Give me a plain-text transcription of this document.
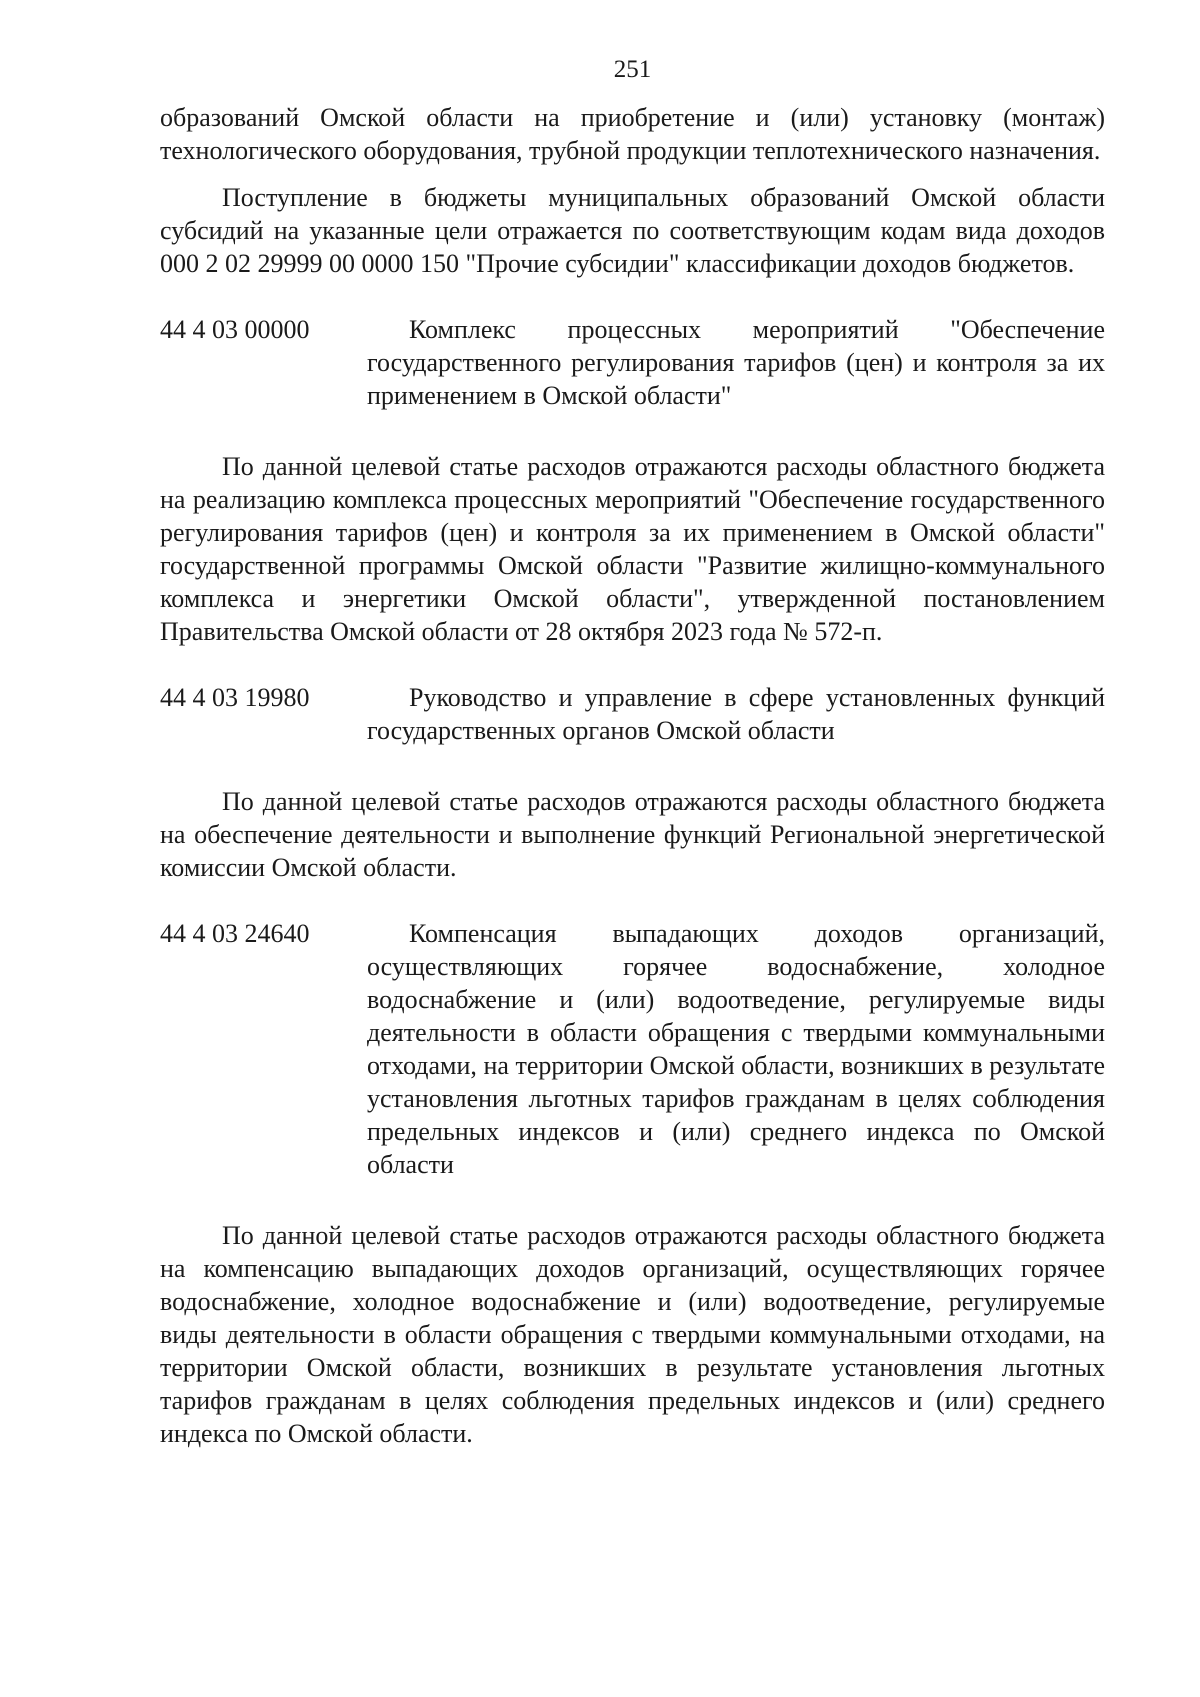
251

образований Омской области на приобретение и (или) установку (монтаж) технологического оборудования, трубной продукции теплотехнического назначения.

Поступление в бюджеты муниципальных образований Омской области субсидий на указанные цели отражается по соответствующим кодам вида доходов 000 2 02 29999 00 0000 150 "Прочие субсидии" классификации доходов бюджетов.

44 4 03 00000	Комплекс процессных мероприятий "Обеспечение государственного регулирования тарифов (цен) и контроля за их применением в Омской области"

По данной целевой статье расходов отражаются расходы областного бюджета на реализацию комплекса процессных мероприятий "Обеспечение государственного регулирования тарифов (цен) и контроля за их применением в Омской области" государственной программы Омской области "Развитие жилищно-коммунального комплекса и энергетики Омской области", утвержденной постановлением Правительства Омской области от 28 октября 2023 года № 572-п.

44 4 03 19980	Руководство и управление в сфере установленных функций государственных органов Омской области

По данной целевой статье расходов отражаются расходы областного бюджета на обеспечение деятельности и выполнение функций Региональной энергетической комиссии Омской области.

44 4 03 24640	Компенсация выпадающих доходов организаций, осуществляющих горячее водоснабжение, холодное водоснабжение и (или) водоотведение, регулируемые виды деятельности в области обращения с твердыми коммунальными отходами, на территории Омской области, возникших в результате установления льготных тарифов гражданам в целях соблюдения предельных индексов и (или) среднего индекса по Омской области

По данной целевой статье расходов отражаются расходы областного бюджета на компенсацию выпадающих доходов организаций, осуществляющих горячее водоснабжение, холодное водоснабжение и (или) водоотведение, регулируемые виды деятельности в области обращения с твердыми коммунальными отходами, на территории Омской области, возникших в результате установления льготных тарифов гражданам в целях соблюдения предельных индексов и (или) среднего индекса по Омской области.
